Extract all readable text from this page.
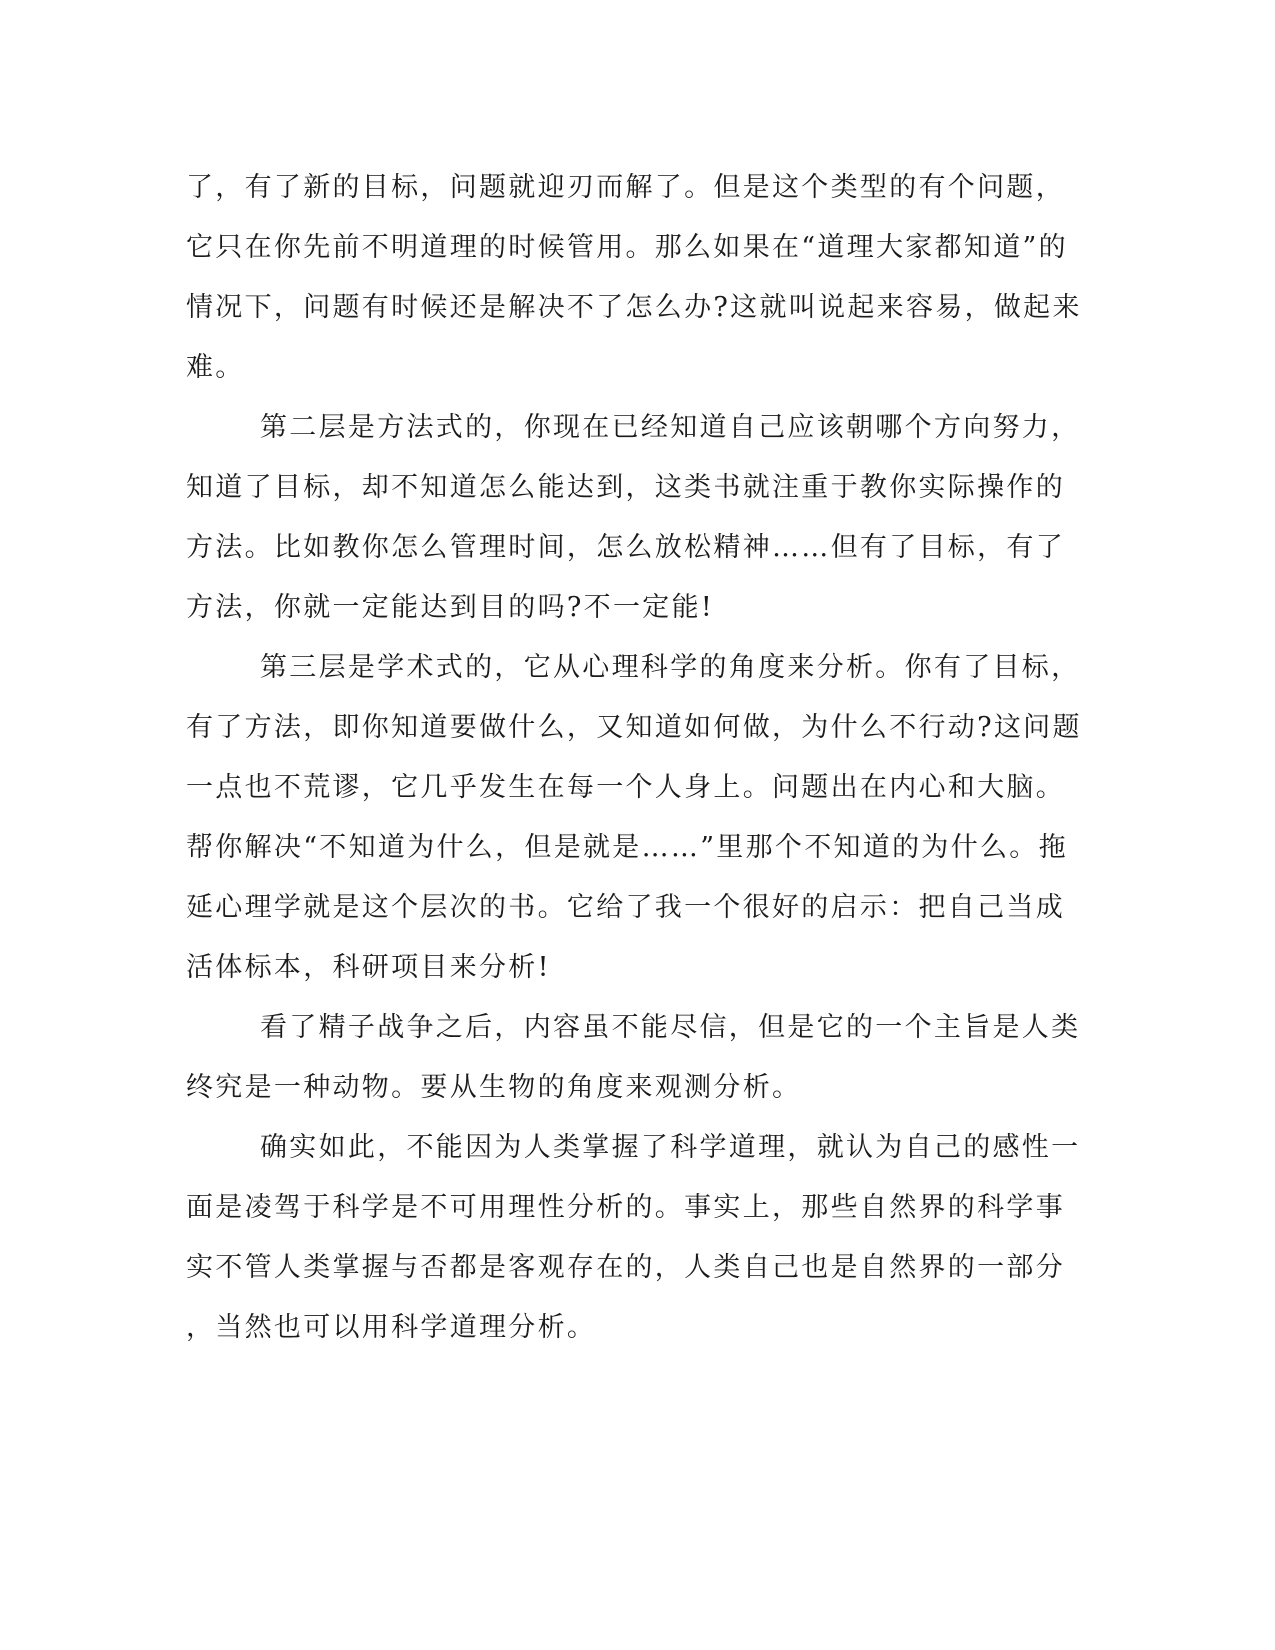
了，有了新的目标，问题就迎刃而解了。但是这个类型的有个问题，
它只在你先前不明道理的时候管用。那么如果在“道理大家都知道”的
情况下，问题有时候还是解决不了怎么办?这就叫说起来容易，做起来
难。
第二层是方法式的，你现在已经知道自己应该朝哪个方向努力，
知道了目标，却不知道怎么能达到，这类书就注重于教你实际操作的
方法。比如教你怎么管理时间，怎么放松精神……但有了目标，有了
方法，你就一定能达到目的吗?不一定能!
第三层是学术式的，它从心理科学的角度来分析。你有了目标，
有了方法，即你知道要做什么，又知道如何做，为什么不行动?这问题
一点也不荒谬，它几乎发生在每一个人身上。问题出在内心和大脑。
帮你解决“不知道为什么，但是就是……”里那个不知道的为什么。拖
延心理学就是这个层次的书。它给了我一个很好的启示：把自己当成
活体标本，科研项目来分析!
看了精子战争之后，内容虽不能尽信，但是它的一个主旨是人类
终究是一种动物。要从生物的角度来观测分析。
确实如此，不能因为人类掌握了科学道理，就认为自己的感性一
面是凌驾于科学是不可用理性分析的。事实上，那些自然界的科学事
实不管人类掌握与否都是客观存在的，人类自己也是自然界的一部分
，当然也可以用科学道理分析。
